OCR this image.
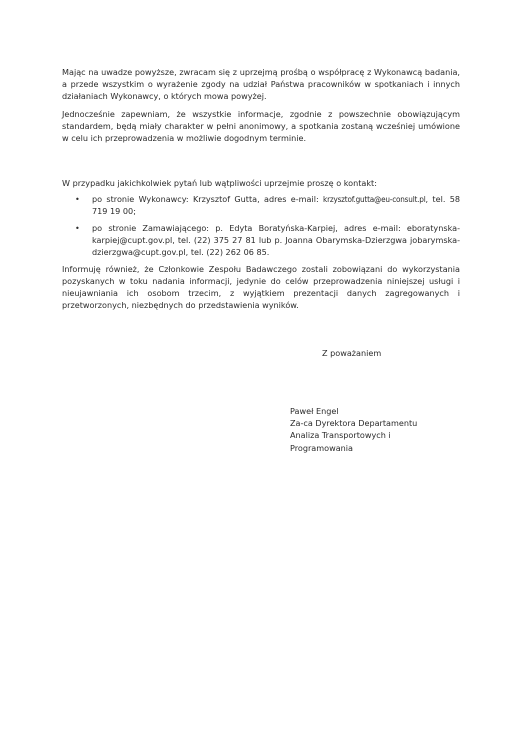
Mając na uwadze powyższe, zwracam się z uprzejmą prośbą o współpracę z Wykonawcą badania, a przede wszystkim o wyrażenie zgody na udział Państwa pracowników w spotkaniach i innych działaniach Wykonawcy, o których mowa powyżej.

Jednocześnie zapewniam, że wszystkie informacje, zgodnie z powszechnie obowiązującym standardem, będą miały charakter w pełni anonimowy, a spotkania zostaną wcześniej umówione w celu ich przeprowadzenia w możliwie dogodnym terminie.

W przypadku jakichkolwiek pytań lub wątpliwości uprzejmie proszę o kontakt:

• po stronie Wykonawcy: Krzysztof Gutta, adres e-mail: krzysztof.gutta@eu-consult.pl, tel. 58 719 19 00;
• po stronie Zamawiającego: p. Edyta Boratyńska-Karpiej, adres e-mail: eboratynska-karpiej@cupt.gov.pl, tel. (22) 375 27 81 lub p. Joanna Obarymska-Dzierzgwa jobarymska-dzierzgwa@cupt.gov.pl, tel. (22) 262 06 85.

Informuję również, że Członkowie Zespołu Badawczego zostali zobowiązani do wykorzystania pozyskanych w toku nadania informacji, jedynie do celów przeprowadzenia niniejszej usługi i nieujawniania ich osobom trzecim, z wyjątkiem prezentacji danych zagregowanych i przetworzonych, niezbędnych do przedstawienia wyników.

Z poważaniem
Paweł Engel
Za-ca Dyrektora Departamentu
Analiza Transportowych i
Programowania
